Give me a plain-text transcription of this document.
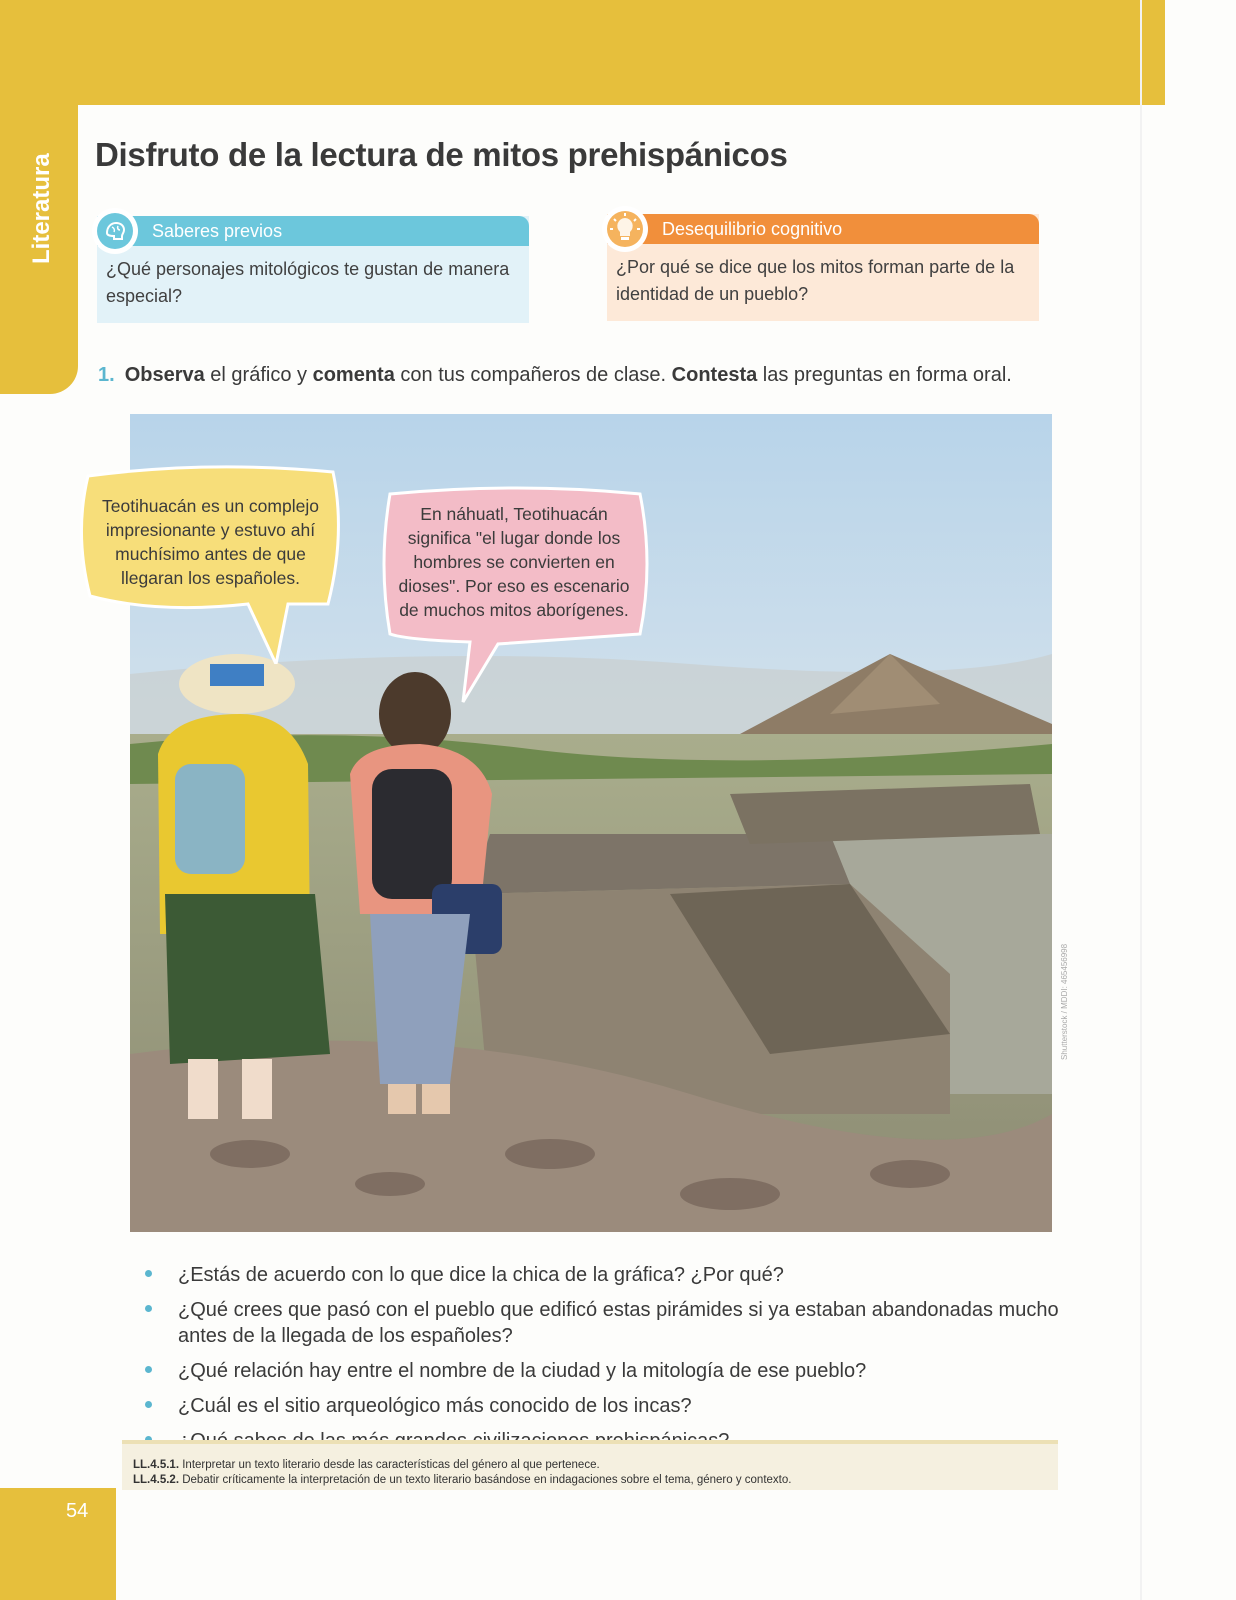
Literatura Disfruto de la lectura de mitos prehispánicos
Saberes previos
¿Qué personajes mitológicos te gustan de manera especial?
Desequilibrio cognitivo
¿Por qué se dice que los mitos forman parte de la identidad de un pueblo?
1. Observa el gráfico y comenta con tus compañeros de clase. Contesta las preguntas en forma oral.
Teotihuacán es un complejo impresionante y estuvo ahí muchísimo antes de que llegaran los españoles.
En náhuatl, Teotihuacán significa "el lugar donde los hombres se convierten en dioses". Por eso es escenario de muchos mitos aborígenes.
Shutterstock / MDDI: 465456998
¿Estás de acuerdo con lo que dice la chica de la gráfica? ¿Por qué?
¿Qué crees que pasó con el pueblo que edificó estas pirámides si ya estaban abandonadas mucho antes de la llegada de los españoles?
¿Qué relación hay entre el nombre de la ciudad y la mitología de ese pueblo?
¿Cuál es el sitio arqueológico más conocido de los incas?
LL.4.5.1. Interpretar un texto literario desde las características del género al que pertenece.
LL.4.5.2. Debatir críticamente la interpretación de un texto literario basándose en indagaciones sobre el tema, género y contexto.
54
